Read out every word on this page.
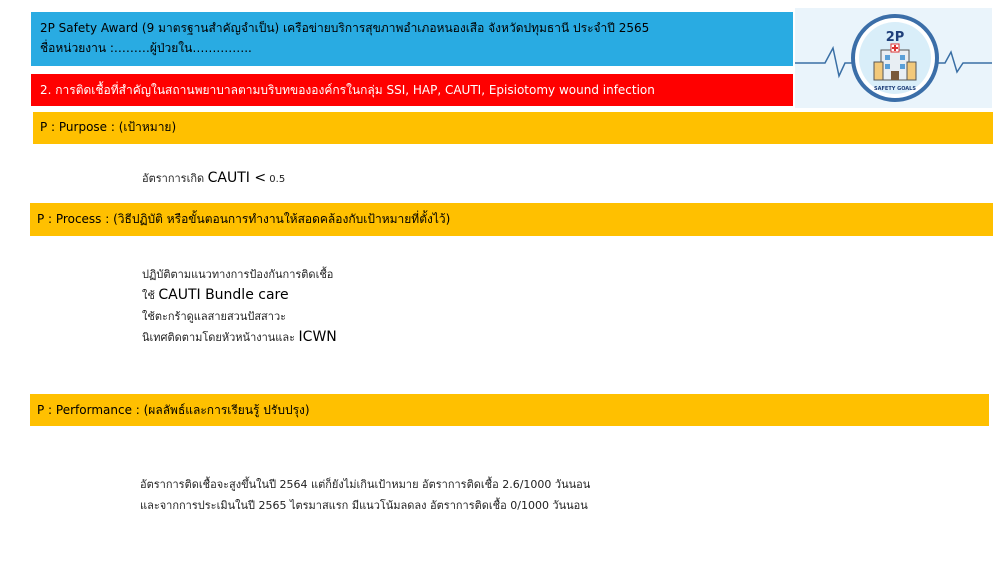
2P Safety Award (9 มาตรฐานสำคัญจำเป็น) เครือข่ายบริการสุขภาพอำเภอหนองเสือ จังหวัดปทุมธานี ประจำปี 2565
ชื่อหน่วยงาน :………ผู้ป่วยใน…….……..
2. การติดเชื้อที่สำคัญในสถานพยาบาลตามบริบทขององค์กรในกลุ่ม SSI, HAP, CAUTI, Episiotomy wound infection
2P
SAFETY GOALS
P : Purpose : (เป้าหมาย)
อัตราการเกิด CAUTI < 0.5
P : Process : (วิธีปฏิบัติ หรือขั้นตอนการทำงานให้สอดคล้องกับเป้าหมายที่ตั้งไว้)
ปฏิบัติตามแนวทางการป้องกันการติดเชื้อ
ใช้ CAUTI Bundle care
ใช้ตะกร้าดูแลสายสวนปัสสาวะ
นิเทศติดตามโดยหัวหน้างานและ ICWN
P : Performance : (ผลลัพธ์และการเรียนรู้ ปรับปรุง)
อัตราการติดเชื้อจะสูงขึ้นในปี 2564 แต่ก็ยังไม่เกินเป้าหมาย อัตราการติดเชื้อ 2.6/1000 วันนอน
และจากการประเมินในปี 2565 ไตรมาสแรก มีแนวโน้มลดลง อัตราการติดเชื้อ 0/1000 วันนอน
